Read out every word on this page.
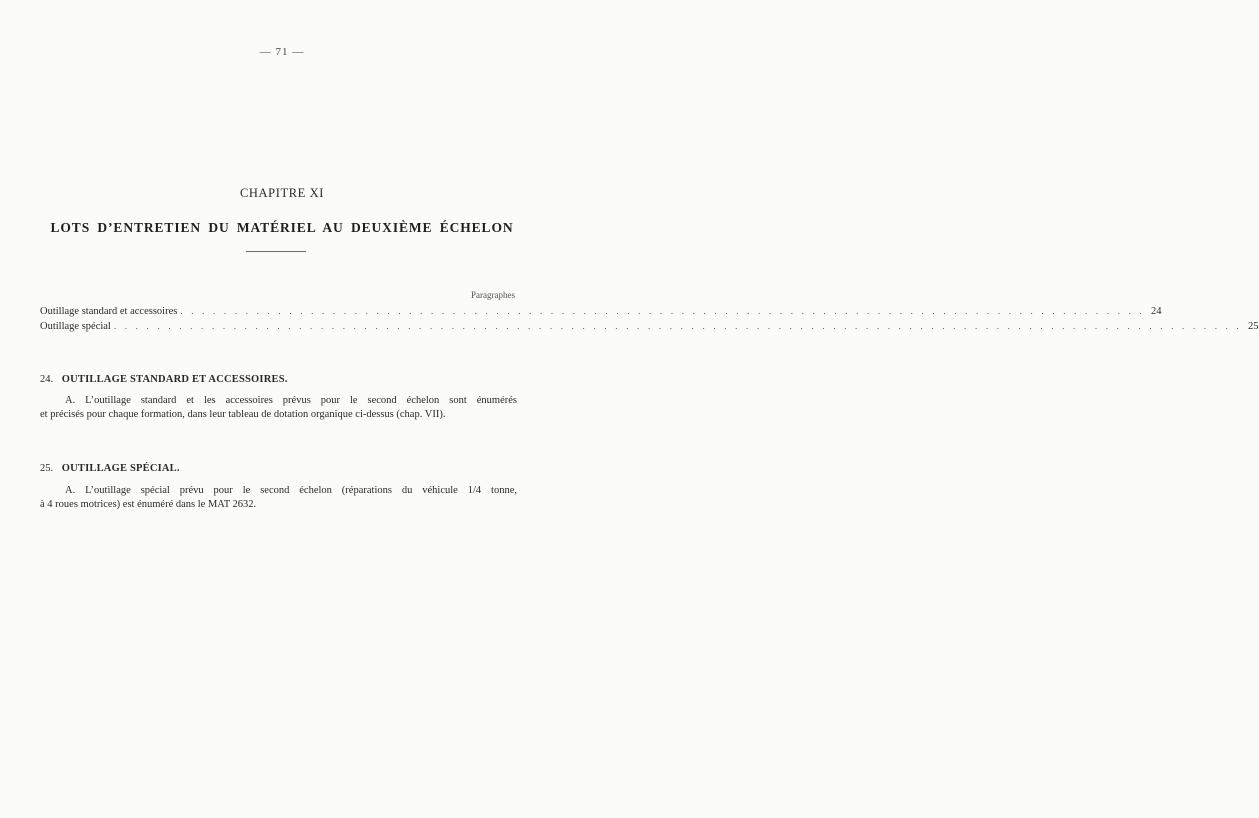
— 71 —
CHAPITRE XI
LOTS D’ENTRETIEN DU MATÉRIEL AU DEUXIÈME ÉCHELON
Paragraphes
Outillage standard et accessoires . . . . . . . . . . . . . . . . . . . . . . . . . . . . . . . . . . . . . . . . . . . . . . . . . . . . . . . . . . . . . . . . . . . . . . . . . . . . . . . . . . . . . . . . . 24
Outillage spécial . . . . . . . . . . . . . . . . . . . . . . . . . . . . . . . . . . . . . . . . . . . . . . . . . . . . . . . . . . . . . . . . . . . . . . . . . . . . . . . . . . . . . . . . . . . . . . . . . . . . . . . . 25
24. OUTILLAGE STANDARD ET ACCESSOIRES.
A. L’outillage standard et les accessoires prévus pour le second échelon sont énumérés
et précisés pour chaque formation, dans leur tableau de dotation organique ci-dessus (chap. VII).
25. OUTILLAGE SPÉCIAL.
A. L’outillage spécial prévu pour le second échelon (réparations du véhicule 1/4 tonne,
à 4 roues motrices) est énuméré dans le MAT 2632.
